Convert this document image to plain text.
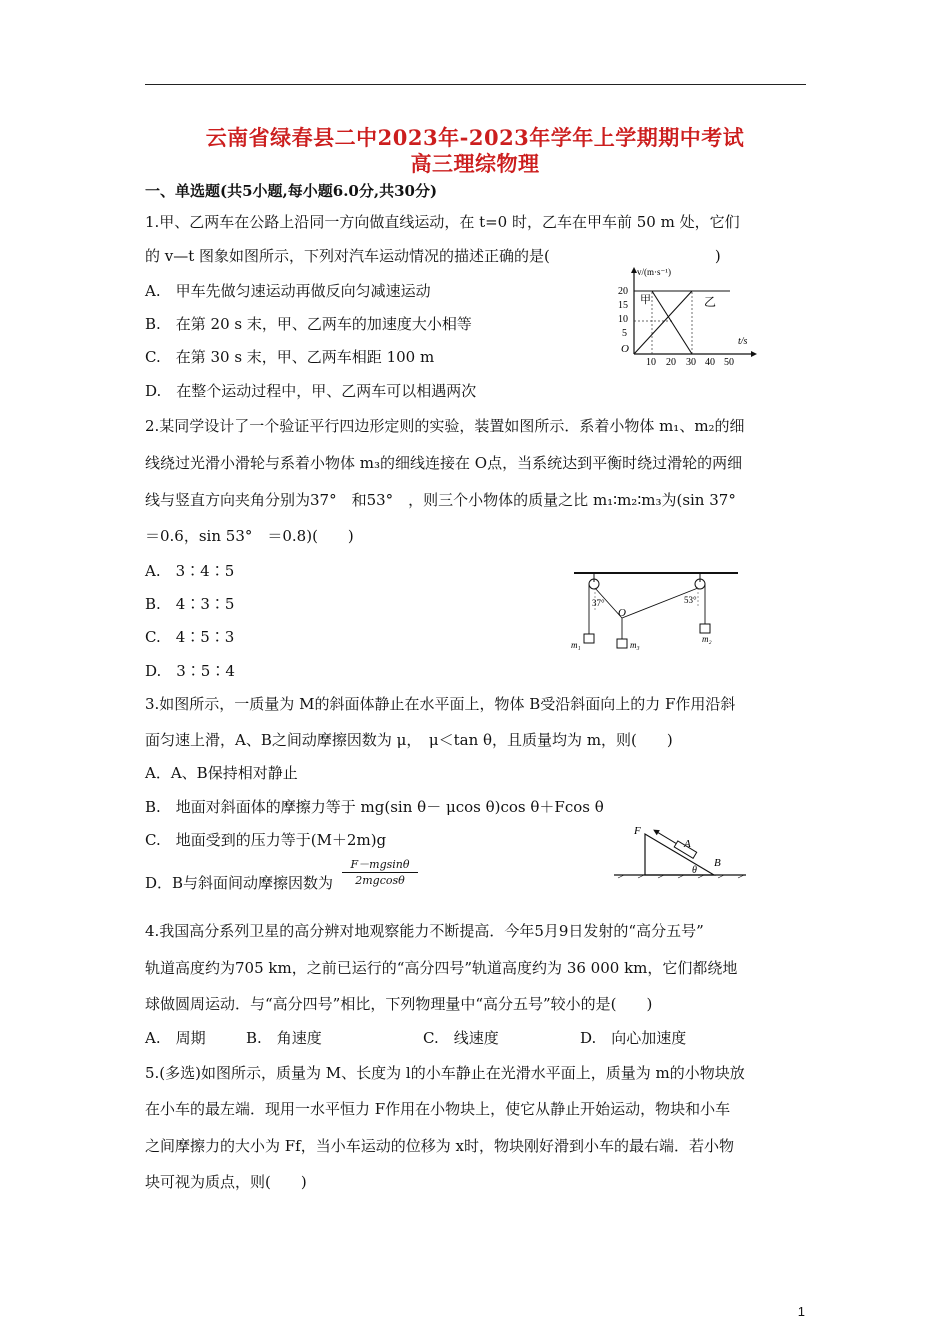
云南省绿春县二中2023年-2023年学年上学期期中考试
高三理综物理
一、单选题(共5小题,每小题6.0分,共30分)
1.甲、乙两车在公路上沿同一方向做直线运动，在 t=0 时，乙车在甲车前 50 m 处，它们
的 v—t 图象如图所示，下列对汽车运动情况的描述正确的是(　　　　　　　　　　　)
A.　甲车先做匀速运动再做反向匀减速运动
B.　在第 20 s 末，甲、乙两车的加速度大小相等
C.　在第 30 s 末，甲、乙两车相距 100 m
D.　在整个运动过程中，甲、乙两车可以相遇两次
v/(m·s⁻¹)
t/s
O
20
15
10
5
甲	乙
10 20 30 40 50
2.某同学设计了一个验证平行四边形定则的实验，装置如图所示．系着小物体 m₁、m₂的细
线绕过光滑小滑轮与系着小物体 m₃的细线连接在 O点，当系统达到平衡时绕过滑轮的两细
线与竖直方向夹角分别为37°　和53°　，则三个小物体的质量之比 m₁∶m₂∶m₃为(sin 37°
＝0.6，sin 53°　＝0.8)(　　)
A.　3∶4∶5
B.　4∶3∶5
C.　4∶5∶3
D.　3∶5∶4
37°	53°
O
m₁
m₂
m₃
3.如图所示，一质量为 M的斜面体静止在水平面上，物体 B受沿斜面向上的力 F作用沿斜
面匀速上滑，A、B之间动摩擦因数为 μ，　μ＜tan θ，且质量均为 m，则(　　)
A．A、B保持相对静止
B.　地面对斜面体的摩擦力等于 mg(sin θ－ μcos θ)cos θ＋Fcos θ
C.　地面受到的压力等于(M＋2m)g
D．B与斜面间动摩擦因数为 $\frac{F-mgsin\theta}{2mgcos\theta}$
F
A
B
θ
4.我国高分系列卫星的高分辨对地观察能力不断提高．今年5月9日发射的“高分五号”
轨道高度约为705 km，之前已运行的“高分四号”轨道高度约为 36 000 km，它们都绕地
球做圆周运动．与“高分四号”相比，下列物理量中“高分五号”较小的是(　　)
A.　周期	B.　角速度	C.　线速度	D.　向心加速度
5.(多选)如图所示，质量为 M、长度为 l的小车静止在光滑水平面上，质量为 m的小物块放
在小车的最左端．现用一水平恒力 F作用在小物块上，使它从静止开始运动，物块和小车
之间摩擦力的大小为 Ff，当小车运动的位移为 x时，物块刚好滑到小车的最右端．若小物
块可视为质点，则(　　)
1
